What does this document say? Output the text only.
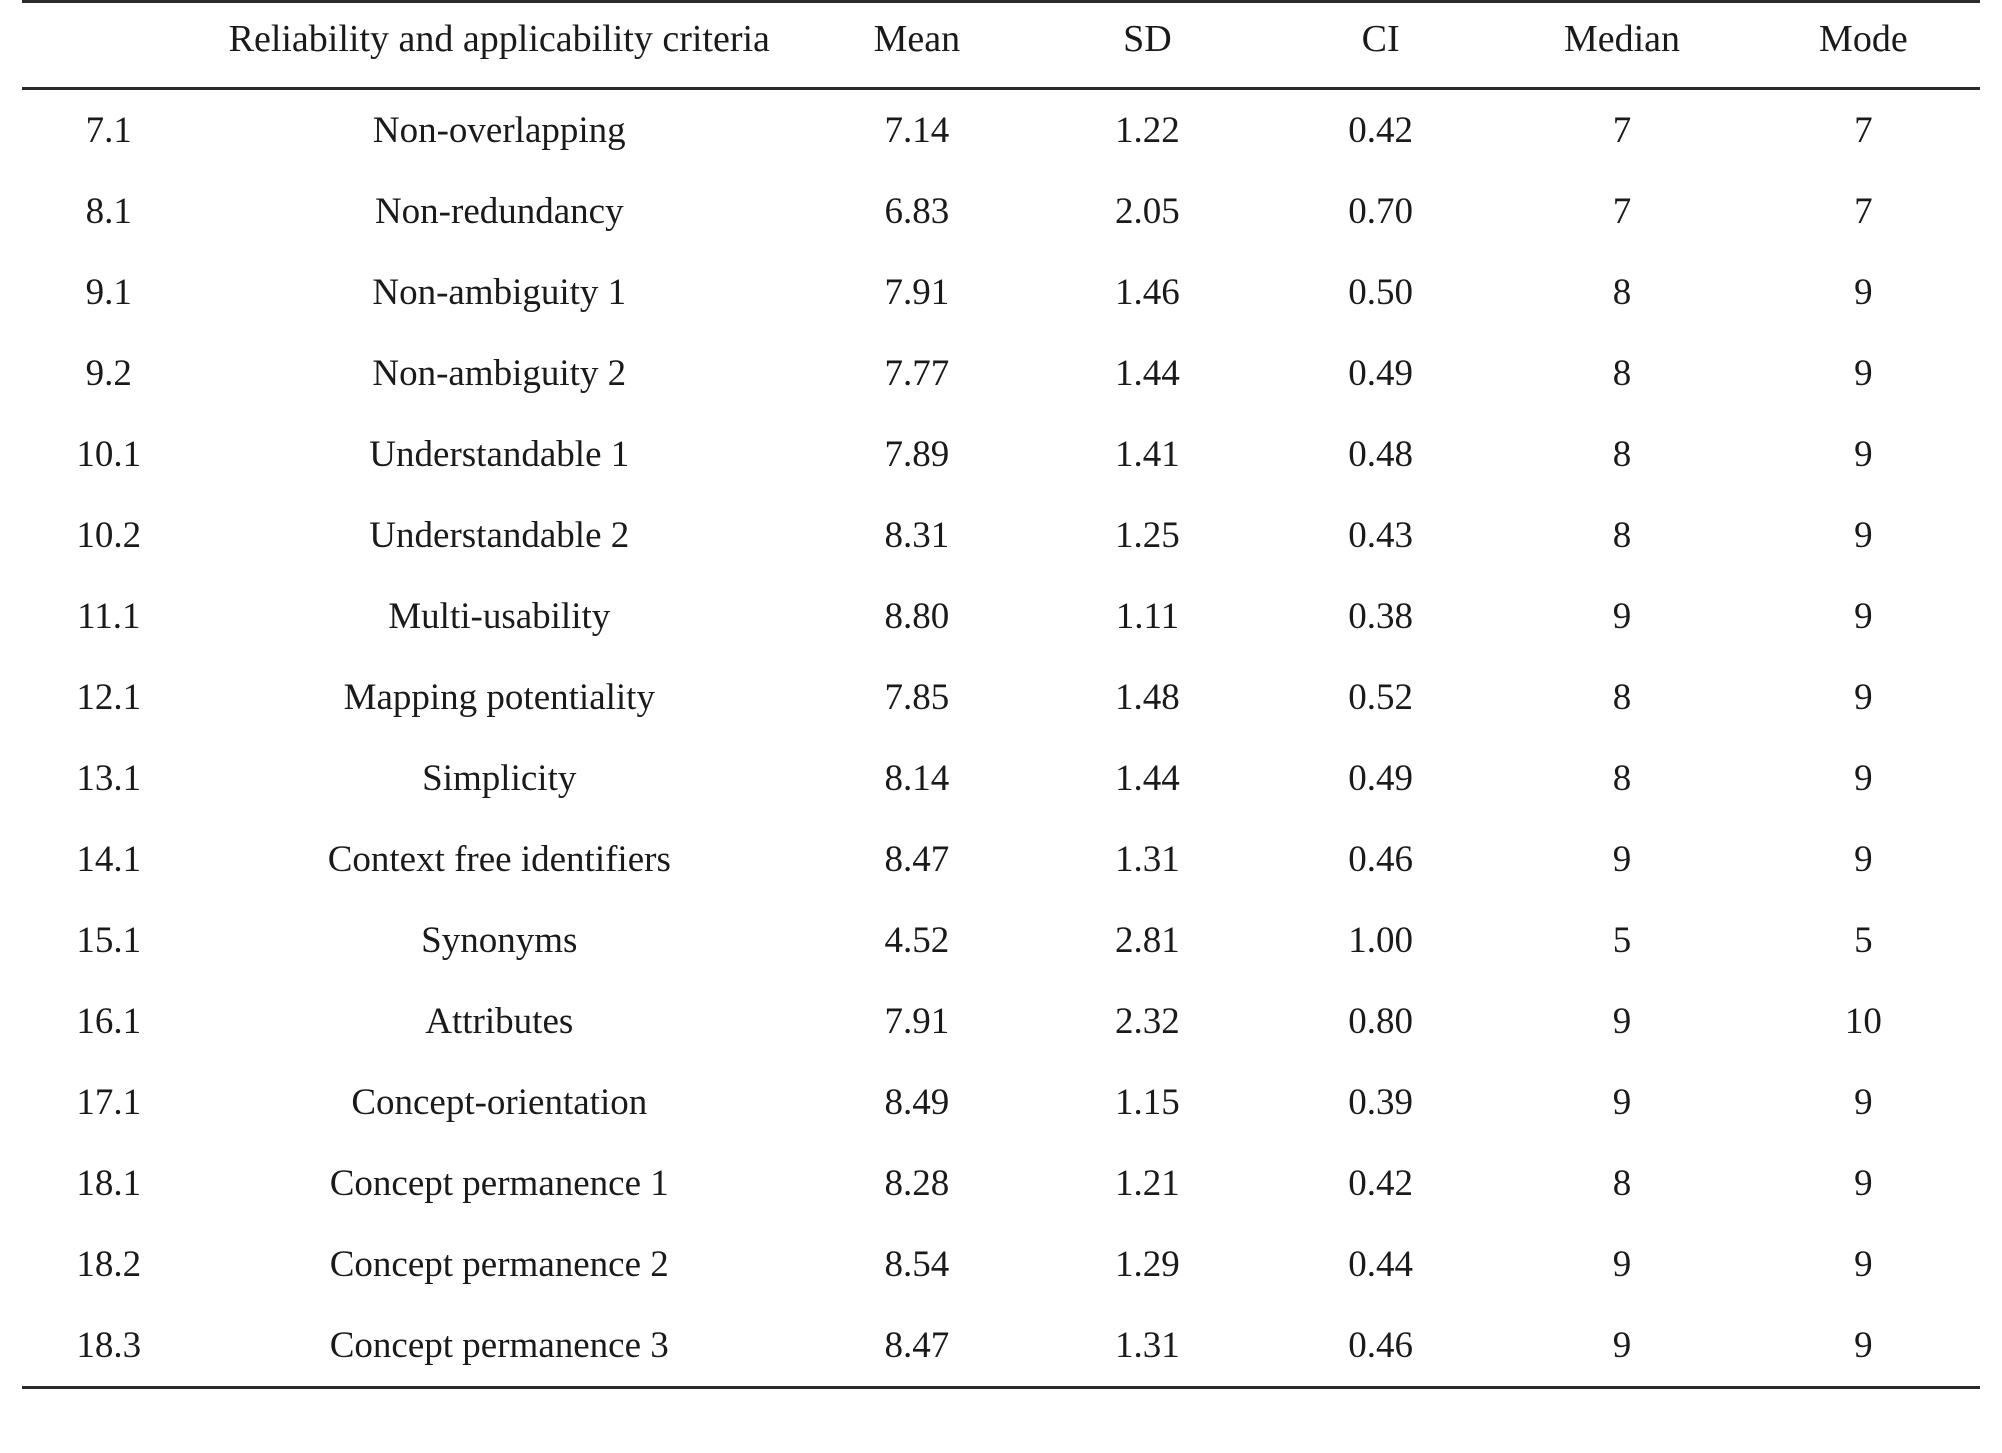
	Reliability and applicability criteria	Mean	SD	CI	Median	Mode
7.1	Non-overlapping	7.14	1.22	0.42	7	7
8.1	Non-redundancy	6.83	2.05	0.70	7	7
9.1	Non-ambiguity 1	7.91	1.46	0.50	8	9
9.2	Non-ambiguity 2	7.77	1.44	0.49	8	9
10.1	Understandable 1	7.89	1.41	0.48	8	9
10.2	Understandable 2	8.31	1.25	0.43	8	9
11.1	Multi-usability	8.80	1.11	0.38	9	9
12.1	Mapping potentiality	7.85	1.48	0.52	8	9
13.1	Simplicity	8.14	1.44	0.49	8	9
14.1	Context free identifiers	8.47	1.31	0.46	9	9
15.1	Synonyms	4.52	2.81	1.00	5	5
16.1	Attributes	7.91	2.32	0.80	9	10
17.1	Concept-orientation	8.49	1.15	0.39	9	9
18.1	Concept permanence 1	8.28	1.21	0.42	8	9
18.2	Concept permanence 2	8.54	1.29	0.44	9	9
18.3	Concept permanence 3	8.47	1.31	0.46	9	9
